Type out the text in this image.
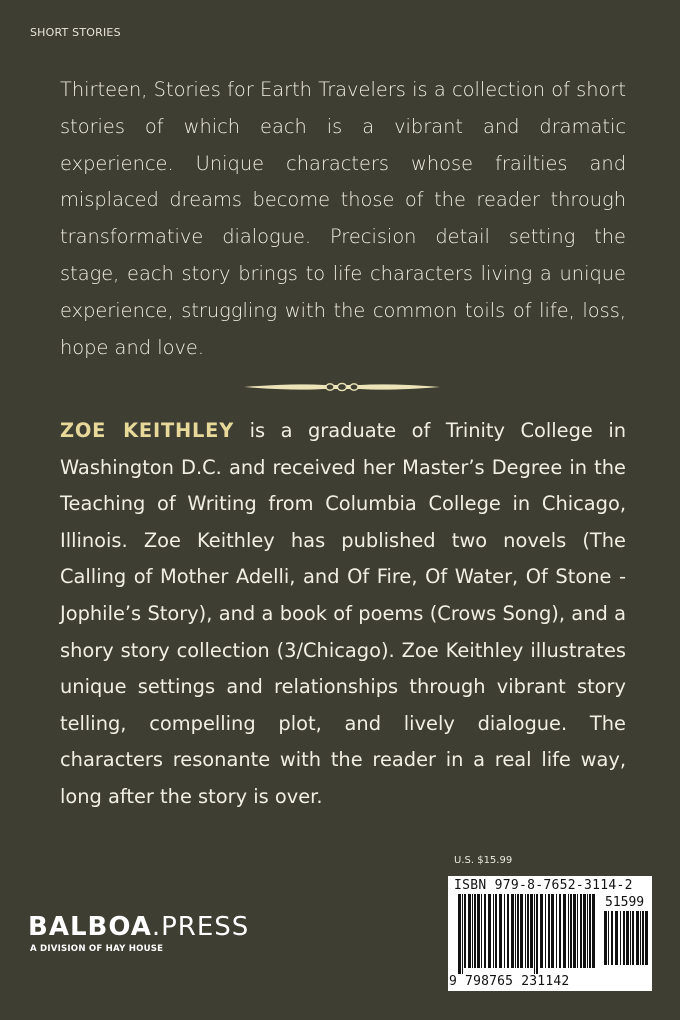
SHORT STORIES

Thirteen, Stories for Earth Travelers is a collection of short stories of which each is a vibrant and dramatic experience. Unique characters whose frailties and misplaced dreams become those of the reader through transformative dialogue. Precision detail setting the stage, each story brings to life characters living a unique experience, struggling with the common toils of life, loss, hope and love.

ZOE KEITHLEY is a graduate of Trinity College in Washington D.C. and received her Master’s Degree in the Teaching of Writing from Columbia College in Chicago, Illinois. Zoe Keithley has published two novels (The Calling of Mother Adelli, and Of Fire, Of Water, Of Stone - Jophile’s Story), and a book of poems (Crows Song), and a shory story collection (3/Chicago). Zoe Keithley illustrates unique settings and relationships through vibrant story telling, compelling plot, and lively dialogue. The characters resonante with the reader in a real life way, long after the story is over.

U.S. $15.99
ISBN 979-8-7652-3114-2
51599
9 798765 231142
BALBOA.PRESS
A DIVISION OF HAY HOUSE
